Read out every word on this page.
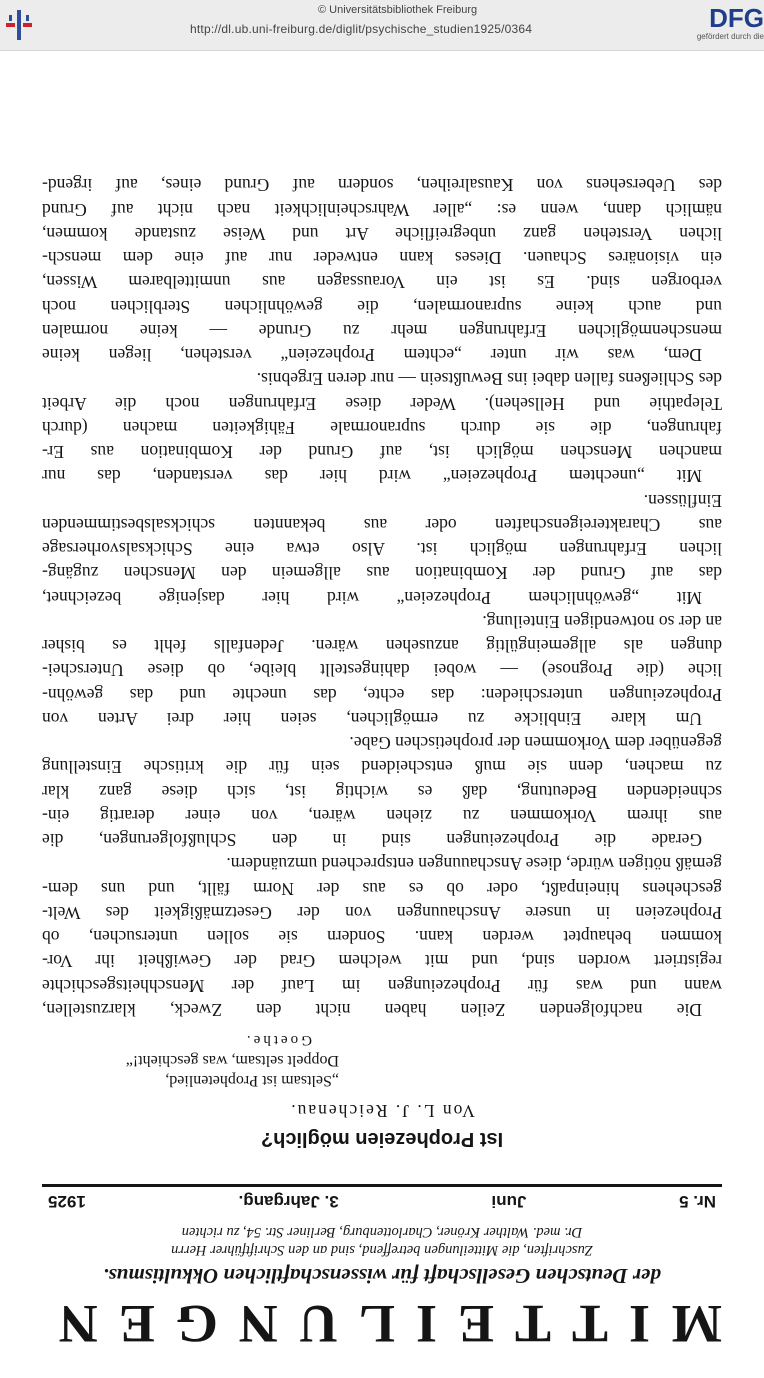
© Universitätsbibliothek Freiburg
http://dl.ub.uni-freiburg.de/diglit/psychische_studien1925/0364	DFG
gefördert durch die
MITTEILUNGEN
der Deutschen Gesellschaft für wissenschaftlichen Okkultismus.
Zuschriften, die Mitteilungen betreffend, sind an den Schriftführer Herrn
Dr. med. Walther Kröner, Charlottenburg, Berliner Str. 54, zu richten
Nr. 5
Juni
3. Jahrgang.
1925
Ist Prophezeien möglich?
Von L. J. Reichenau.
„Seltsam ist Prophetenlied,
Doppelt seltsam, was geschieht!“
Goethe.

Die nachfolgenden Zeilen haben nicht den Zweck, klarzustellen,
wann und was für Prophezeiungen im Lauf der Menschheitsgeschichte
registriert worden sind, und mit welchem Grad der Gewißheit ihr Vor-
kommen behauptet werden kann. Sondern sie sollen untersuchen, ob
Prophezeien in unsere Anschauungen von der Gesetzmäßigkeit des Welt-
geschehens hineinpaßt, oder ob es aus der Norm fällt, und uns dem-
gemäß nötigen würde, diese Anschauungen entsprechend umzuändern.

Gerade die Prophezeiungen sind in den Schlußfolgerungen, die
aus ihrem Vorkommen zu ziehen wären, von einer derartig ein-
schneidenden Bedeutung, daß es wichtig ist, sich diese ganz klar
zu machen, denn sie muß entscheidend sein für die kritische Einstellung
gegenüber dem Vorkommen der prophetischen Gabe.

Um klare Einblicke zu ermöglichen, seien hier drei Arten von
Prophezeiungen unterschieden: das echte, das unechte und das gewöhn-
liche (die Prognose) — wobei dahingestellt bleibe, ob diese Unterschei-
dungen als allgemeingültig anzusehen wären. Jedenfalls fehlt es bisher
an der so notwendigen Einteilung.

Mit „gewöhnlichem Prophezeien“ wird hier dasjenige bezeichnet,
das auf Grund der Kombination aus allgemein den Menschen zugäng-
lichen Erfahrungen möglich ist. Also etwa eine Schicksalsvorhersage
aus Charaktereigenschaften oder aus bekannten schicksalsbestimmenden
Einflüssen.

Mit „unechtem Prophezeien“ wird hier das verstanden, das nur
manchen Menschen möglich ist, auf Grund der Kombination aus Er-
fahrungen, die sie durch supranormale Fähigkeiten machen (durch
Telepathie und Hellsehen). Weder diese Erfahrungen noch die Arbeit
des Schließens fallen dabei ins Bewußtsein — nur deren Ergebnis.

Dem, was wir unter „echtem Prophezeien“ verstehen, liegen keine
menschenmöglichen Erfahrungen mehr zu Grunde — keine normalen
und auch keine supranormalen, die gewöhnlichen Sterblichen noch
verborgen sind. Es ist ein Voraussagen aus unmittelbarem Wissen,
ein visionäres Schauen. Dieses kann entweder nur auf eine dem mensch-
lichen Verstehen ganz unbegreifliche Art und Weise zustande kommen,
nämlich dann, wenn es: „aller Wahrscheinlichkeit nach nicht auf Grund
des Uebersehens von Kausalreihen, sondern auf Grund eines, auf irgend-
